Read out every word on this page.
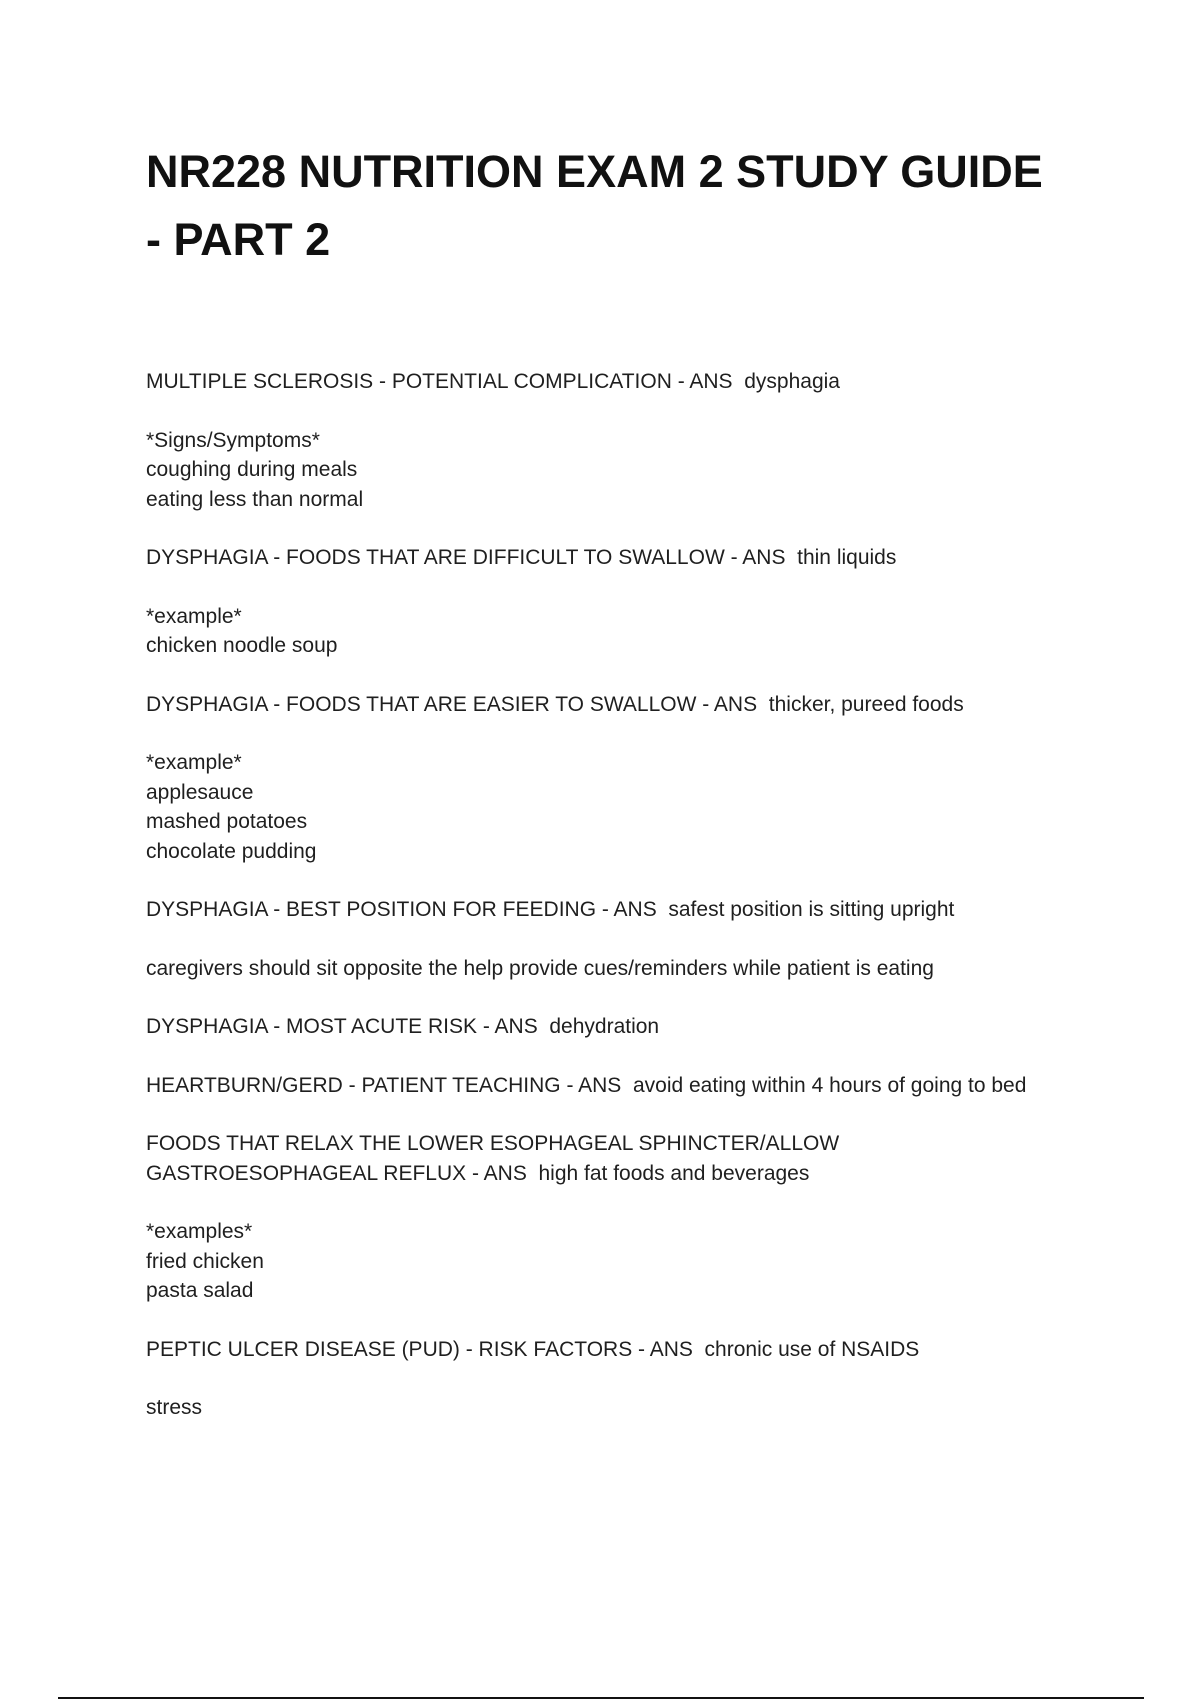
NR228 NUTRITION EXAM 2 STUDY GUIDE
- PART 2
MULTIPLE SCLEROSIS - POTENTIAL COMPLICATION - ANS  dysphagia
*Signs/Symptoms*
coughing during meals
eating less than normal
DYSPHAGIA - FOODS THAT ARE DIFFICULT TO SWALLOW - ANS  thin liquids
*example*
chicken noodle soup
DYSPHAGIA - FOODS THAT ARE EASIER TO SWALLOW - ANS  thicker, pureed foods
*example*
applesauce
mashed potatoes
chocolate pudding
DYSPHAGIA - BEST POSITION FOR FEEDING - ANS  safest position is sitting upright
caregivers should sit opposite the help provide cues/reminders while patient is eating
DYSPHAGIA - MOST ACUTE RISK - ANS  dehydration
HEARTBURN/GERD - PATIENT TEACHING - ANS  avoid eating within 4 hours of going to bed
FOODS THAT RELAX THE LOWER ESOPHAGEAL SPHINCTER/ALLOW
GASTROESOPHAGEAL REFLUX - ANS  high fat foods and beverages
*examples*
fried chicken
pasta salad
PEPTIC ULCER DISEASE (PUD) - RISK FACTORS - ANS  chronic use of NSAIDS
stress
